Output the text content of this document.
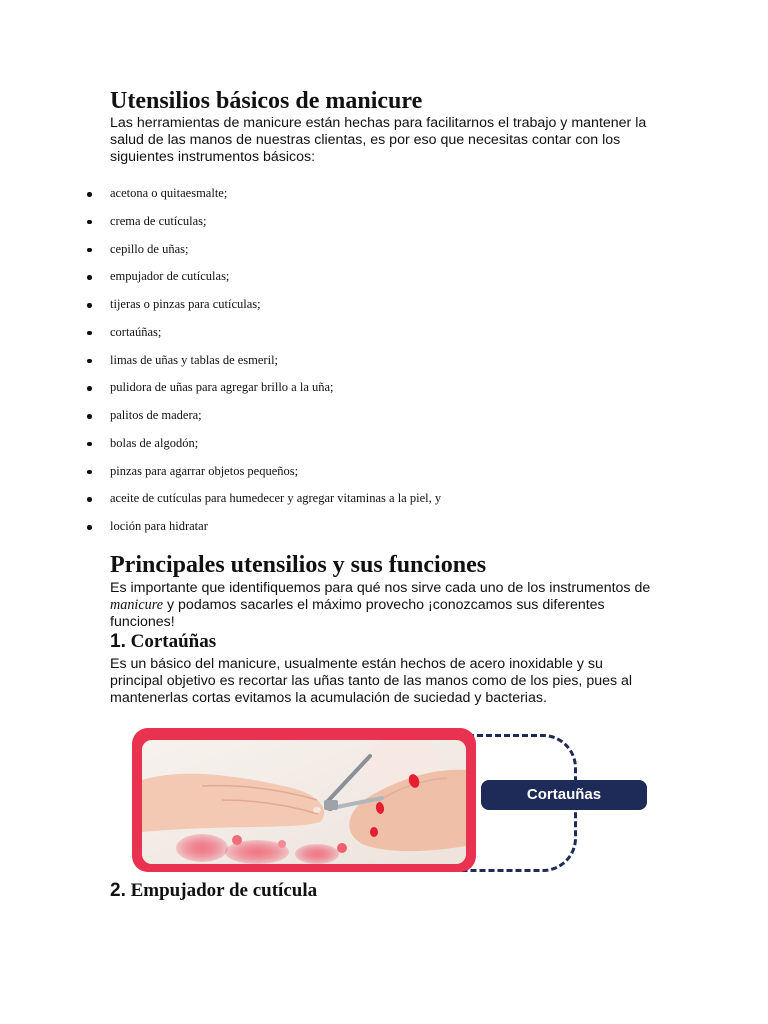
Utensilios básicos de manicure

Las herramientas de manicure están hechas para facilitarnos el trabajo y mantener la salud de las manos de nuestras clientas, es por eso que necesitas contar con los siguientes instrumentos básicos:

acetona o quitaesmalte;
crema de cutículas;
cepillo de uñas;
empujador de cutículas;
tijeras o pinzas para cutículas;
cortaúñas;
limas de uñas y tablas de esmeril;
pulidora de uñas para agregar brillo a la uña;
palitos de madera;
bolas de algodón;
pinzas para agarrar objetos pequeños;
aceite de cutículas para humedecer y agregar vitaminas a la piel, y
loción para hidratar
Principales utensilios y sus funciones

Es importante que identifiquemos para qué nos sirve cada uno de los instrumentos de manicure y podamos sacarles el máximo provecho ¡conozcamos sus diferentes funciones!

1. Cortaúñas

Es un básico del manicure, usualmente están hechos de acero inoxidable y su principal objetivo es recortar las uñas tanto de las manos como de los pies, pues al mantenerlas cortas evitamos la acumulación de suciedad y bacterias.

Cortauñas
2. Empujador de cutícula
